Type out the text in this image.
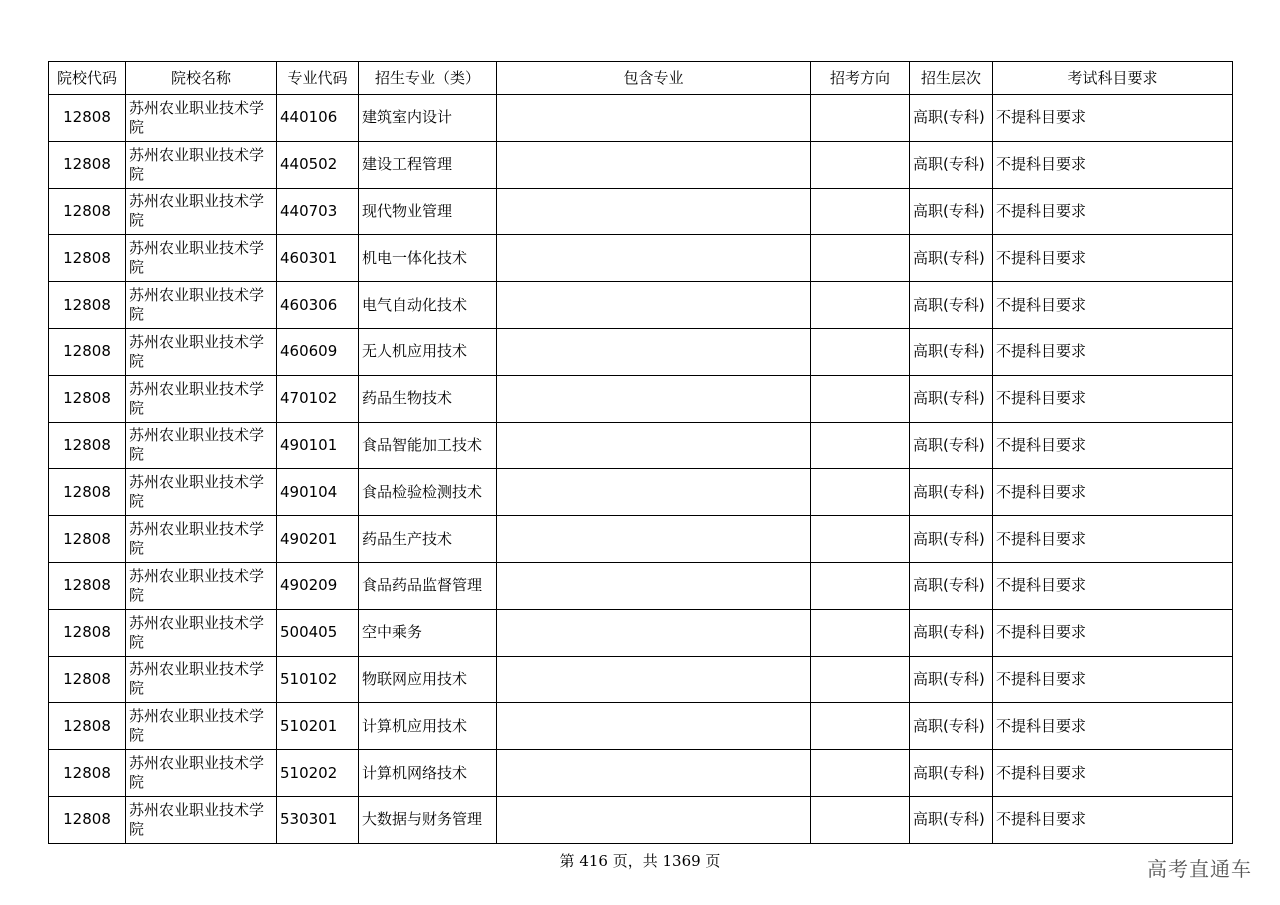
院校代码	院校名称	专业代码	招生专业（类）	包含专业	招考方向	招生层次	考试科目要求
12808	苏州农业职业技术学院	440106	建筑室内设计			高职(专科)	不提科目要求
12808	苏州农业职业技术学院	440502	建设工程管理			高职(专科)	不提科目要求
12808	苏州农业职业技术学院	440703	现代物业管理			高职(专科)	不提科目要求
12808	苏州农业职业技术学院	460301	机电一体化技术			高职(专科)	不提科目要求
12808	苏州农业职业技术学院	460306	电气自动化技术			高职(专科)	不提科目要求
12808	苏州农业职业技术学院	460609	无人机应用技术			高职(专科)	不提科目要求
12808	苏州农业职业技术学院	470102	药品生物技术			高职(专科)	不提科目要求
12808	苏州农业职业技术学院	490101	食品智能加工技术			高职(专科)	不提科目要求
12808	苏州农业职业技术学院	490104	食品检验检测技术			高职(专科)	不提科目要求
12808	苏州农业职业技术学院	490201	药品生产技术			高职(专科)	不提科目要求
12808	苏州农业职业技术学院	490209	食品药品监督管理			高职(专科)	不提科目要求
12808	苏州农业职业技术学院	500405	空中乘务			高职(专科)	不提科目要求
12808	苏州农业职业技术学院	510102	物联网应用技术			高职(专科)	不提科目要求
12808	苏州农业职业技术学院	510201	计算机应用技术			高职(专科)	不提科目要求
12808	苏州农业职业技术学院	510202	计算机网络技术			高职(专科)	不提科目要求
12808	苏州农业职业技术学院	530301	大数据与财务管理			高职(专科)	不提科目要求
第 416 页，共 1369 页	高考直通车
